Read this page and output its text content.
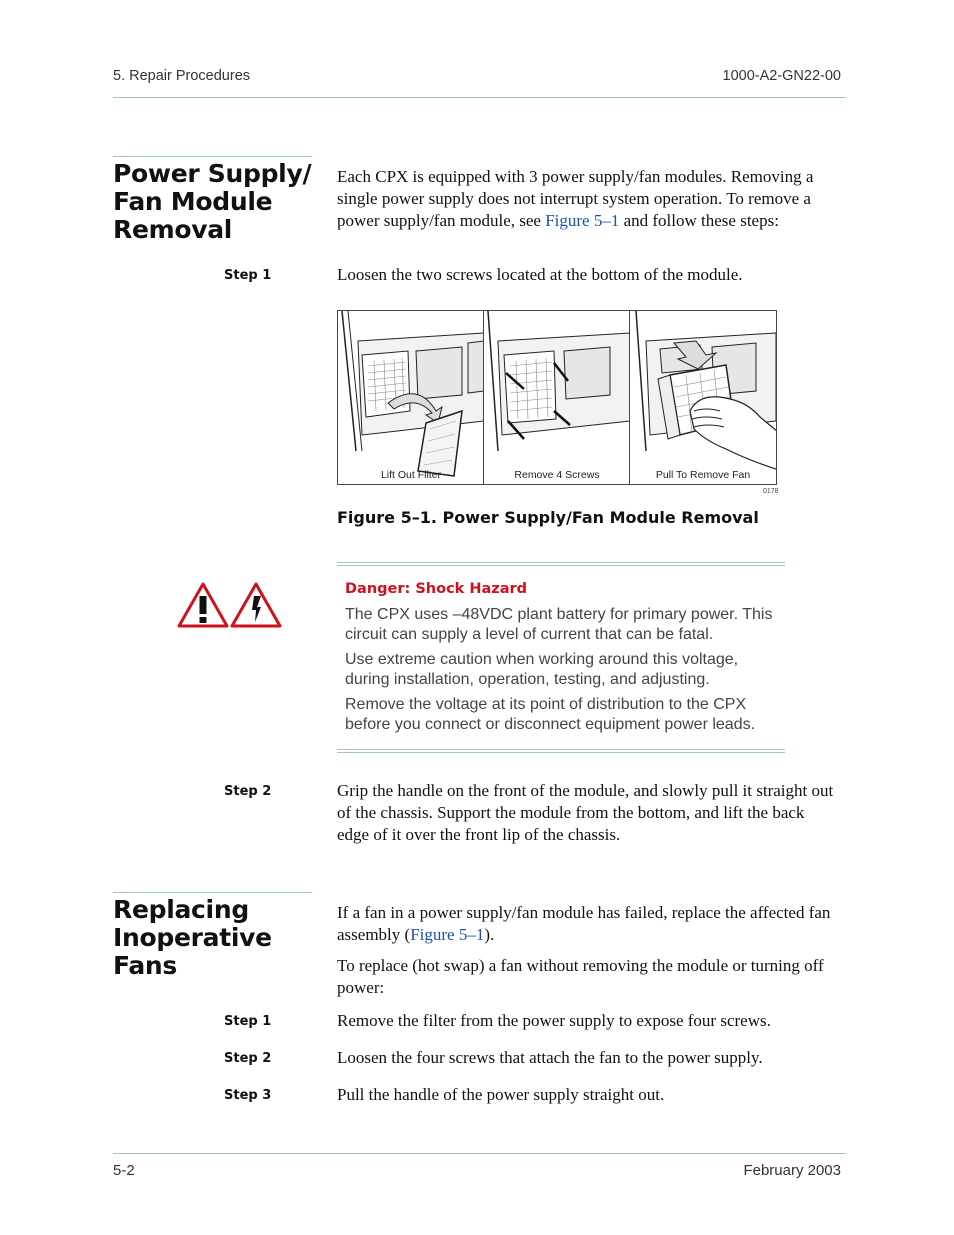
5. Repair Procedures	1000-A2-GN22-00
Power Supply/
Fan Module
Removal
Each CPX is equipped with 3 power supply/fan modules. Removing a single power supply does not interrupt system operation. To remove a power supply/fan module, see Figure 5–1 and follow these steps:
Step 1	Loosen the two screws located at the bottom of the module.
Lift Out Filter	Remove 4 Screws	Pull To Remove Fan
0178
Figure 5–1. Power Supply/Fan Module Removal
Danger: Shock Hazard
The CPX uses –48VDC plant battery for primary power. This circuit can supply a level of current that can be fatal.
Use extreme caution when working around this voltage, during installation, operation, testing, and adjusting.
Remove the voltage at its point of distribution to the CPX before you connect or disconnect equipment power leads.
Step 2	Grip the handle on the front of the module, and slowly pull it straight out of the chassis. Support the module from the bottom, and lift the back edge of it over the front lip of the chassis.
Replacing
Inoperative
Fans
If a fan in a power supply/fan module has failed, replace the affected fan assembly (Figure 5–1).
To replace (hot swap) a fan without removing the module or turning off power:
Step 1	Remove the filter from the power supply to expose four screws.
Step 2	Loosen the four screws that attach the fan to the power supply.
Step 3	Pull the handle of the power supply straight out.
5-2	February 2003
